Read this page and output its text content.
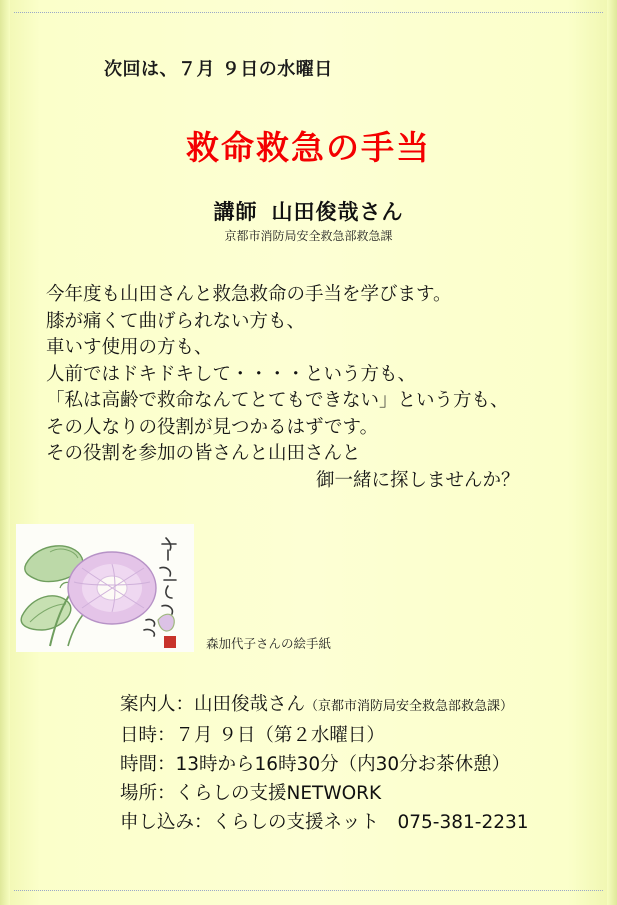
次回は、７月 ９日の水曜日
救命救急の手当
講師 山田俊哉さん
京都市消防局安全救急部救急課
今年度も山田さんと救急救命の手当を学びます。
膝が痛くて曲げられない方も、
車いす使用の方も、
人前ではドキドキして・・・・という方も、
「私は高齢で救命なんてとてもできない」という方も、
その人なりの役割が見つかるはずです。
その役割を参加の皆さんと山田さんと
御一緒に探しませんか？
森加代子さんの絵手紙
案内人：山田俊哉さん（京都市消防局安全救急部救急課）
日時：７月 ９日（第２水曜日）
時間：13時から16時30分（内30分お茶休憩）
場所：くらしの支援NETWORK
申し込み：くらしの支援ネット　075-381-2231
